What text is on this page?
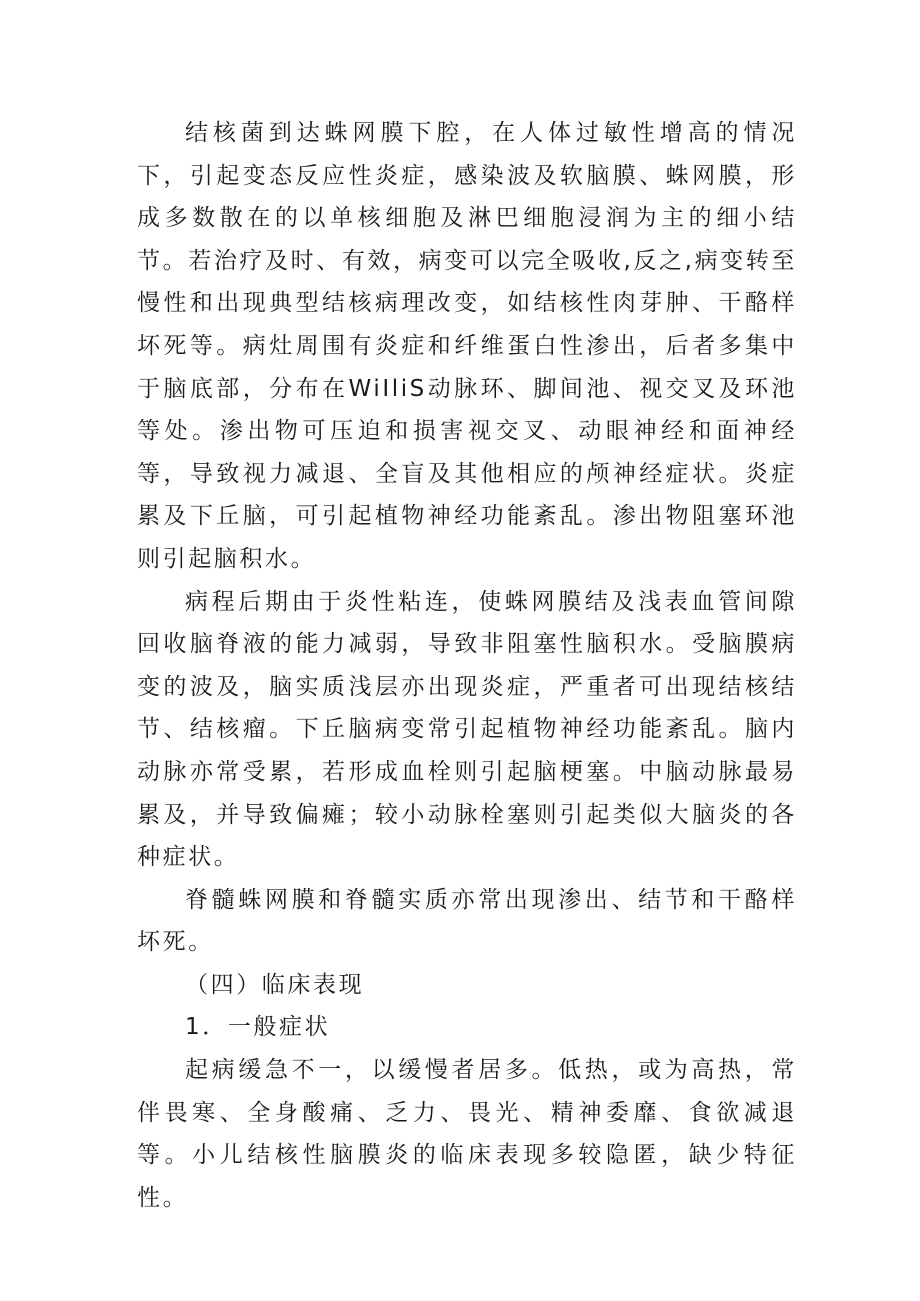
结核菌到达蛛网膜下腔，在人体过敏性增高的情况下，引起变态反应性炎症，感染波及软脑膜、蛛网膜，形成多数散在的以单核细胞及淋巴细胞浸润为主的细小结节。若治疗及时、有效，病变可以完全吸收,反之,病变转至慢性和出现典型结核病理改变，如结核性肉芽肿、干酪样坏死等。病灶周围有炎症和纤维蛋白性渗出，后者多集中于脑底部，分布在WiIliS动脉环、脚间池、视交叉及环池等处。渗出物可压迫和损害视交叉、动眼神经和面神经等，导致视力减退、全盲及其他相应的颅神经症状。炎症累及下丘脑，可引起植物神经功能紊乱。渗出物阻塞环池则引起脑积水。

病程后期由于炎性粘连，使蛛网膜结及浅表血管间隙回收脑脊液的能力减弱，导致非阻塞性脑积水。受脑膜病变的波及，脑实质浅层亦出现炎症，严重者可出现结核结节、结核瘤。下丘脑病变常引起植物神经功能紊乱。脑内动脉亦常受累，若形成血栓则引起脑梗塞。中脑动脉最易累及，并导致偏瘫；较小动脉栓塞则引起类似大脑炎的各种症状。

脊髓蛛网膜和脊髓实质亦常出现渗出、结节和干酪样坏死。

（四）临床表现

1．一般症状

起病缓急不一，以缓慢者居多。低热，或为高热，常伴畏寒、全身酸痛、乏力、畏光、精神委靡、食欲减退等。小儿结核性脑膜炎的临床表现多较隐匿，缺少特征性。
